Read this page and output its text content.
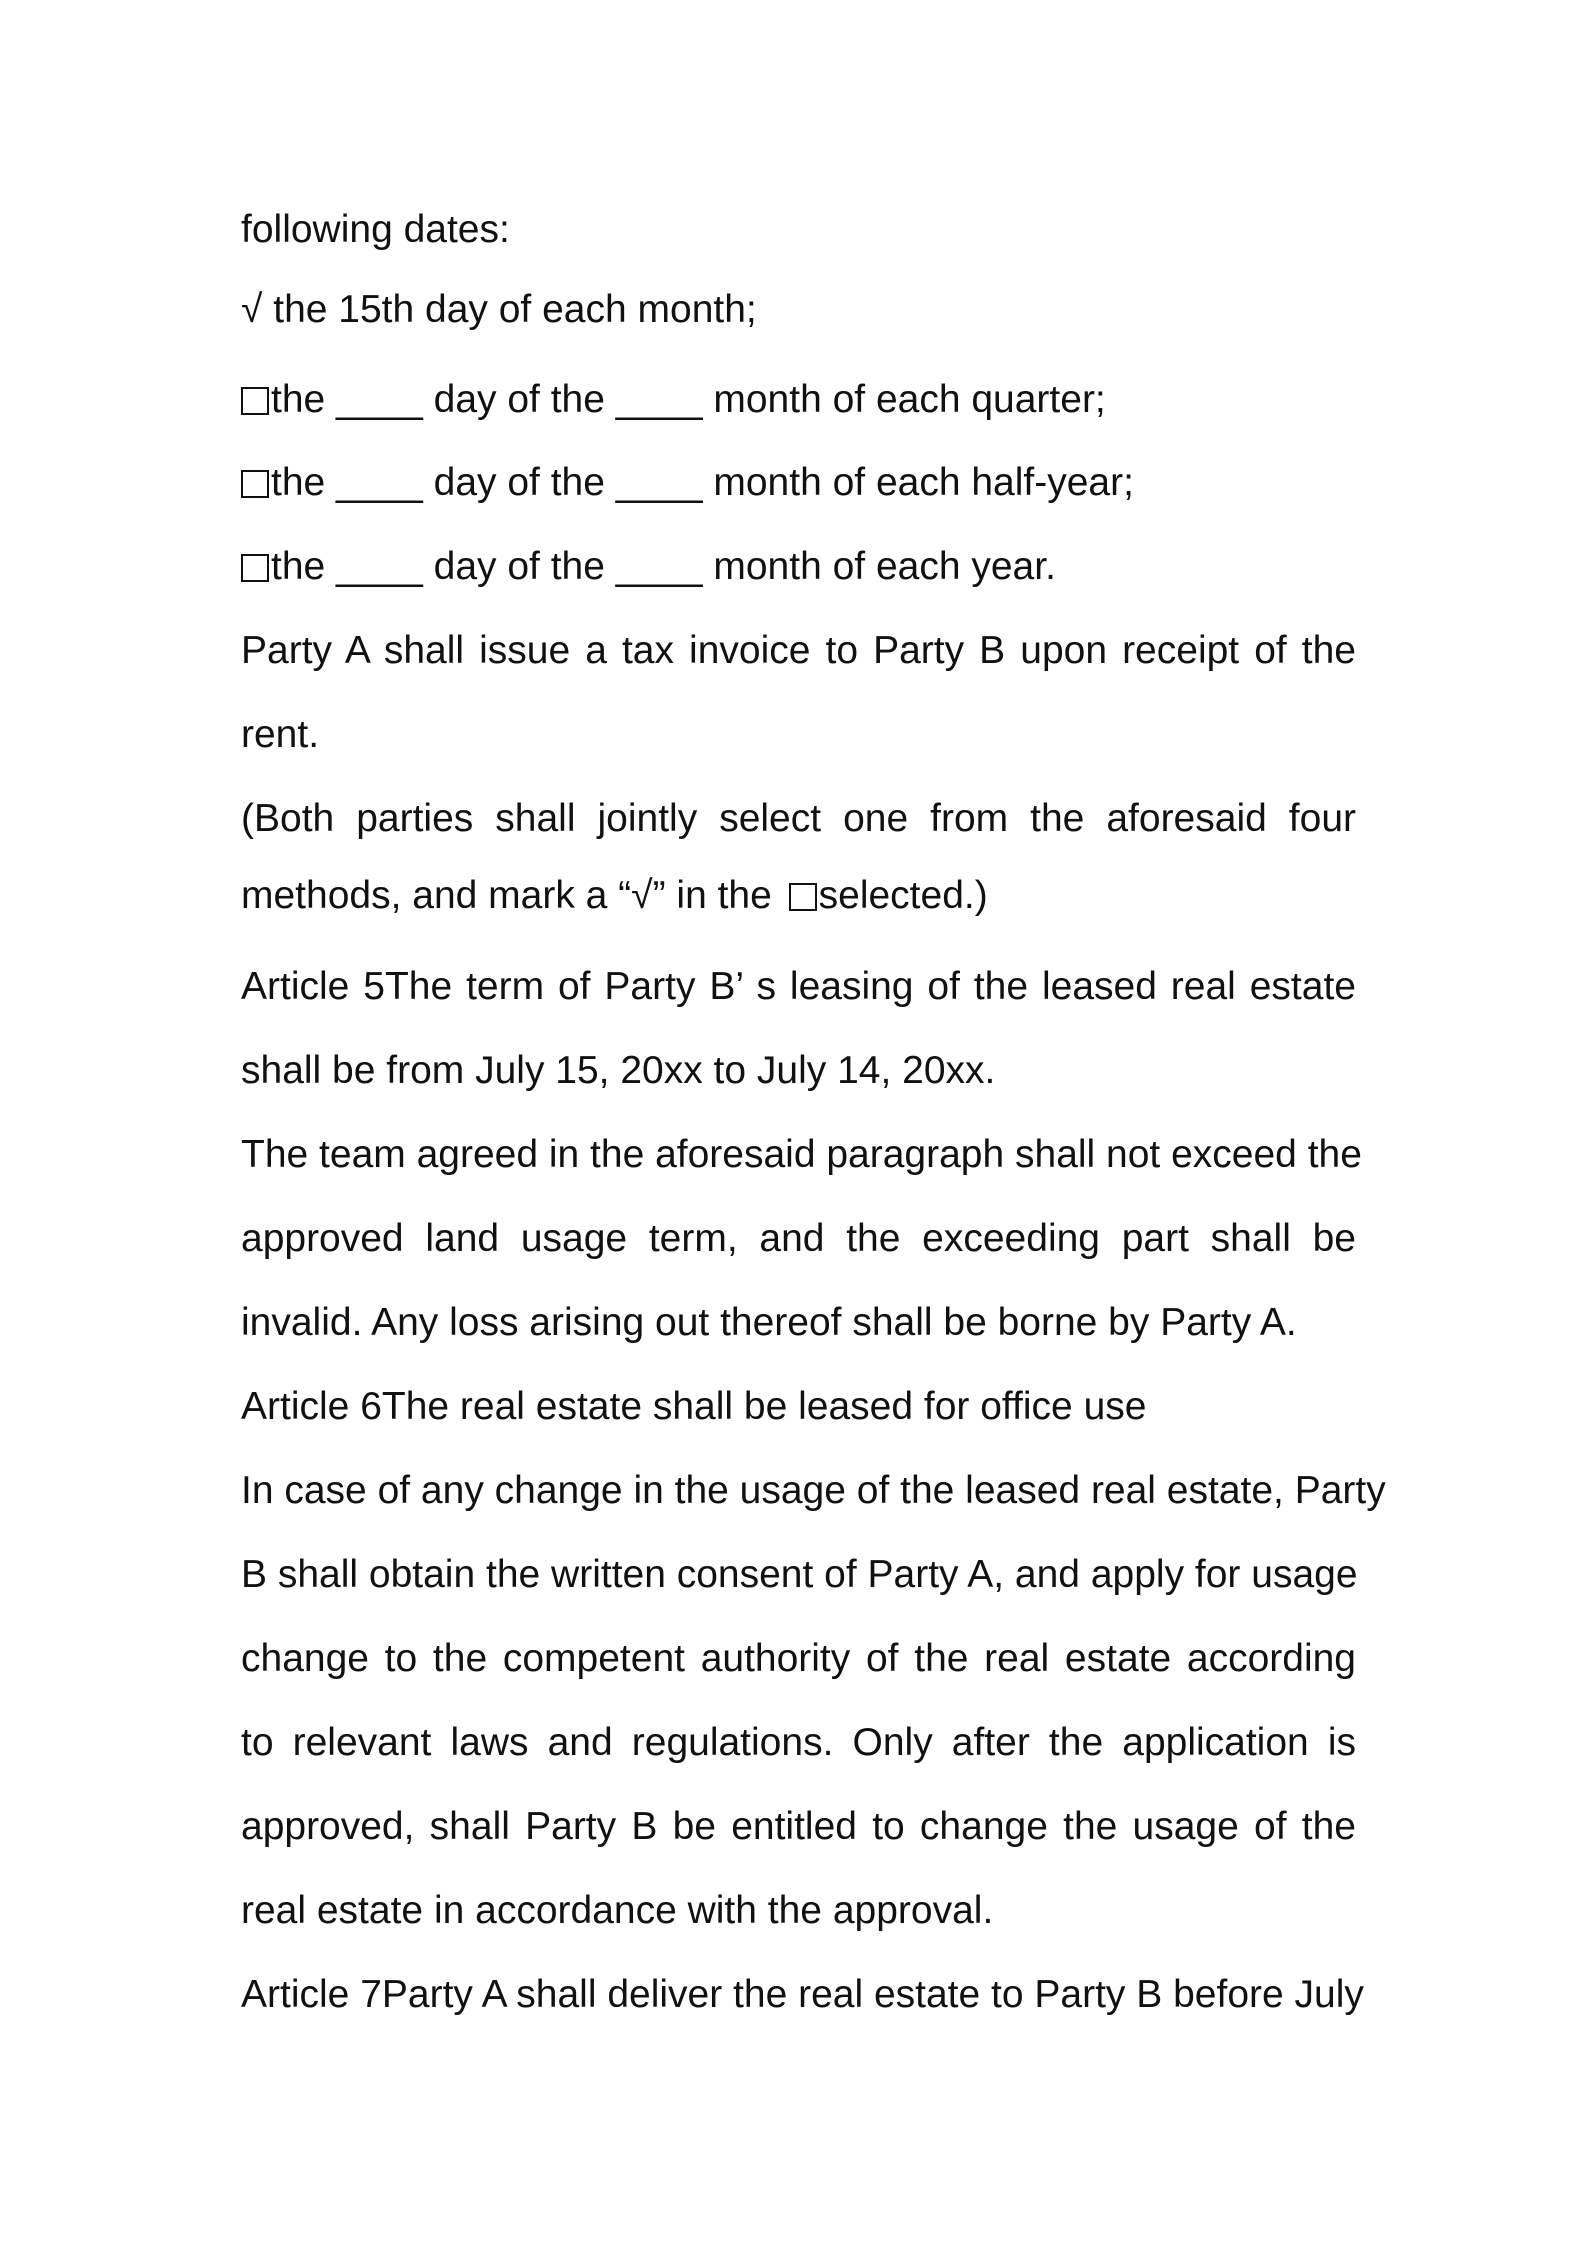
following dates:

√ the 15th day of each month;

the ____ day of the ____ month of each quarter;

the ____ day of the ____ month of each half-year;

the ____ day of the ____ month of each year.

Party A shall issue a tax invoice to Party B upon receipt of the

rent.

(Both parties shall jointly select one from the aforesaid four

methods, and mark a “√” in the selected.)

Article 5The term of Party B’ s leasing of the leased real estate

shall be from July 15, 20xx to July 14, 20xx.

The team agreed in the aforesaid paragraph shall not exceed the

approved land usage term, and the exceeding part shall be

invalid. Any loss arising out thereof shall be borne by Party A.

Article 6The real estate shall be leased for office use

In case of any change in the usage of the leased real estate, Party

B shall obtain the written consent of Party A, and apply for usage

change to the competent authority of the real estate according

to relevant laws and regulations. Only after the application is

approved, shall Party B be entitled to change the usage of the

real estate in accordance with the approval.

Article 7Party A shall deliver the real estate to Party B before July
